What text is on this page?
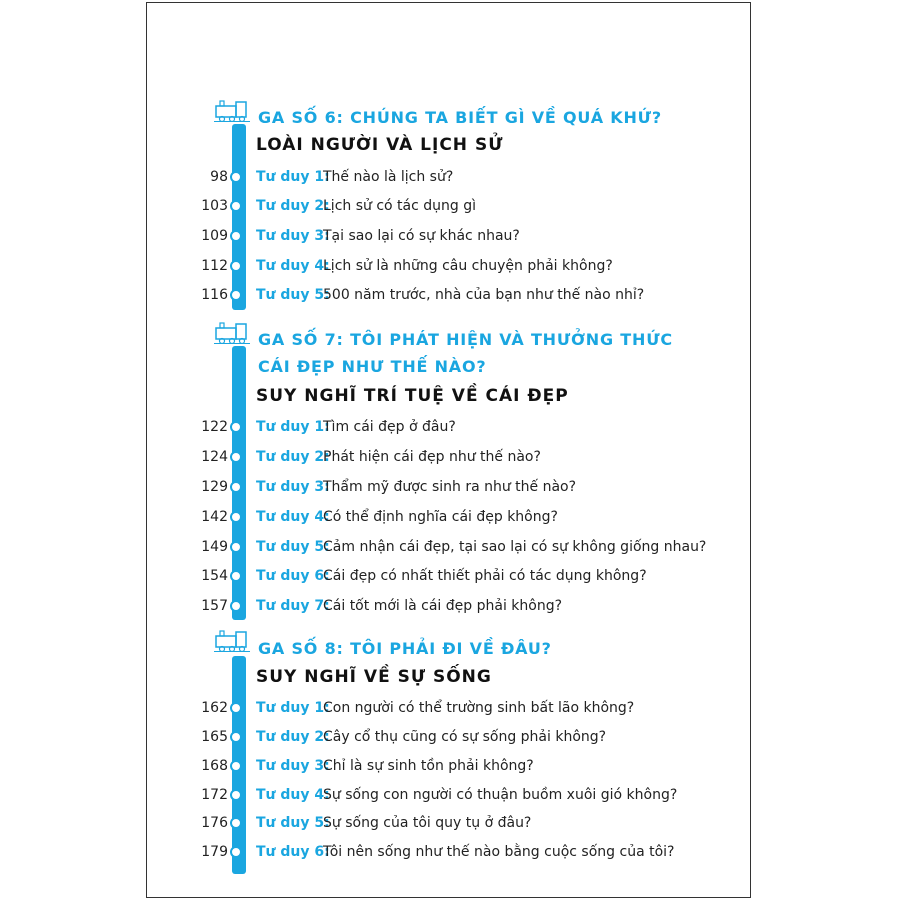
GA SỐ 6: CHÚNG TA BIẾT GÌ VỀ QUÁ KHỨ?
LOÀI NGƯỜI VÀ LỊCH SỬ
98 Tư duy 1:
Thế nào là lịch sử?
103 Tư duy 2:
Lịch sử có tác dụng gì
109 Tư duy 3:
Tại sao lại có sự khác nhau?
112 Tư duy 4:
Lịch sử là những câu chuyện phải không?
116 Tư duy 5:
500 năm trước, nhà của bạn như thế nào nhỉ?
GA SỐ 7: TÔI PHÁT HIỆN VÀ THƯỞNG THỨC
CÁI ĐẸP NHƯ THẾ NÀO?
SUY NGHĨ TRÍ TUỆ VỀ CÁI ĐẸP
122 Tư duy 1:
Tìm cái đẹp ở đâu?
124 Tư duy 2:
Phát hiện cái đẹp như thế nào?
129 Tư duy 3:
Thẩm mỹ được sinh ra như thế nào?
142 Tư duy 4:
Có thể định nghĩa cái đẹp không?
149 Tư duy 5:
Cảm nhận cái đẹp, tại sao lại có sự không giống nhau?
154 Tư duy 6:
Cái đẹp có nhất thiết phải có tác dụng không?
157 Tư duy 7:
Cái tốt mới là cái đẹp phải không?
GA SỐ 8: TÔI PHẢI ĐI VỀ ĐÂU?
SUY NGHĨ VỀ SỰ SỐNG
162 Tư duy 1:
Con người có thể trường sinh bất lão không?
165 Tư duy 2:
Cây cổ thụ cũng có sự sống phải không?
168 Tư duy 3:
Chỉ là sự sinh tồn phải không?
172 Tư duy 4:
Sự sống con người có thuận buồm xuôi gió không?
176 Tư duy 5:
Sự sống của tôi quy tụ ở đâu?
179 Tư duy 6:
Tôi nên sống như thế nào bằng cuộc sống của tôi?
